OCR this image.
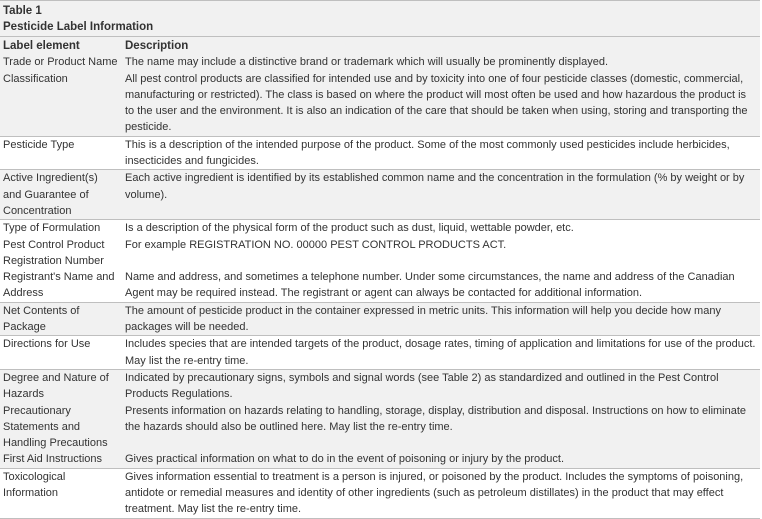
Table 1
Pesticide Label Information
Label element	Description
Trade or Product Name	The name may include a distinctive brand or trademark which will usually be prominently displayed.
Classification	All pest control products are classified for intended use and by toxicity into one of four pesticide classes (domestic, commercial, manufacturing or restricted). The class is based on where the product will most often be used and how hazardous the product is to the user and the environment. It is also an indication of the care that should be taken when using, storing and transporting the pesticide.
Pesticide Type	This is a description of the intended purpose of the product. Some of the most commonly used pesticides include herbicides, insecticides and fungicides.
Active Ingredient(s) and Guarantee of Concentration	Each active ingredient is identified by its established common name and the concentration in the formulation (% by weight or by volume).
Type of Formulation	Is a description of the physical form of the product such as dust, liquid, wettable powder, etc.
Pest Control Product Registration Number	For example REGISTRATION NO. 00000 PEST CONTROL PRODUCTS ACT.
Registrant's Name and Address	Name and address, and sometimes a telephone number. Under some circumstances, the name and address of the Canadian Agent may be required instead. The registrant or agent can always be contacted for additional information.
Net Contents of Package	The amount of pesticide product in the container expressed in metric units. This information will help you decide how many packages will be needed.
Directions for Use	Includes species that are intended targets of the product, dosage rates, timing of application and limitations for use of the product. May list the re-entry time.
Degree and Nature of Hazards	Indicated by precautionary signs, symbols and signal words (see Table 2) as standardized and outlined in the Pest Control Products Regulations.
Precautionary Statements and Handling Precautions	Presents information on hazards relating to handling, storage, display, distribution and disposal. Instructions on how to eliminate the hazards should also be outlined here. May list the re-entry time.
First Aid Instructions	Gives practical information on what to do in the event of poisoning or injury by the product.
Toxicological Information	Gives information essential to treatment is a person is injured, or poisoned by the product. Includes the symptoms of poisoning, antidote or remedial measures and identity of other ingredients (such as petroleum distillates) in the product that may effect treatment. May list the re-entry time.
